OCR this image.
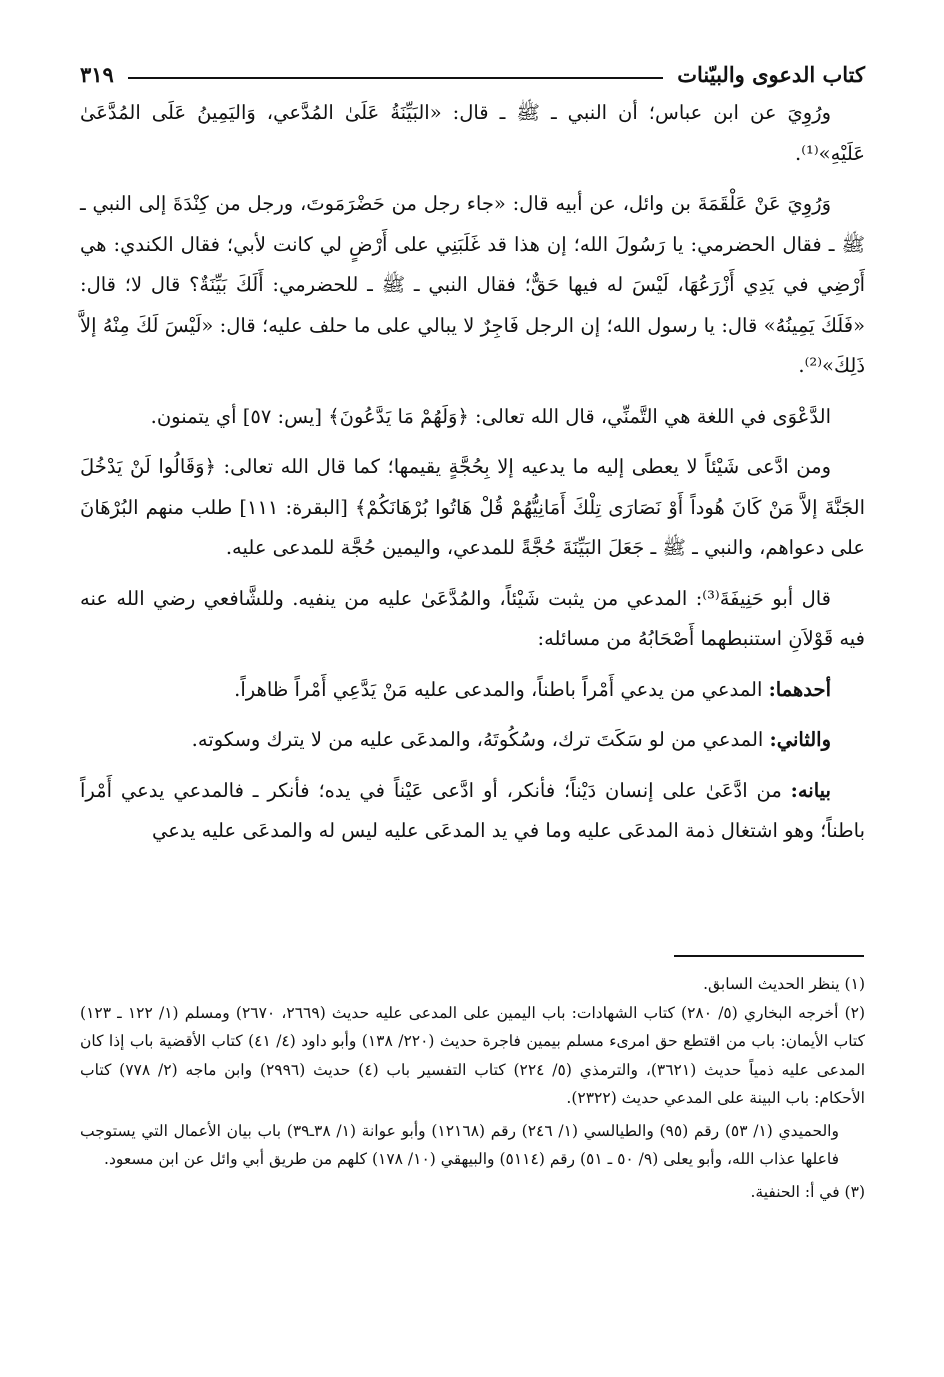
كتاب الدعوى والبيّنات
٣١٩

ورُوِيَ عن ابن عباس؛ أن النبي ـ ﷺ ـ قال: «البَيِّنَةُ عَلَىٰ المُدَّعي، وَاليَمِينُ عَلَى المُدَّعَىٰ عَلَيْهِ»⁽¹⁾.

وَرُوِيَ عَنْ عَلْقَمَةَ بن وائل، عن أبيه قال: «جاء رجل من حَضْرَمَوتَ، ورجل من كِنْدَةَ إلى النبي ـ ﷺ ـ فقال الحضرمي: يا رَسُولَ الله؛ إن هذا قد غَلَبَنِي على أَرْضٍ لي كانت لأبي؛ فقال الكندي: هي أَرْضِي في يَدِي أَزْرَعُهَا، لَيْسَ له فيها حَقٌّ؛ فقال النبي ـ ﷺ ـ للحضرمي: أَلَكَ بَيِّنَةٌ؟ قال لا؛ قال: «فَلَكَ يَمِينُهُ» قال: يا رسول الله؛ إن الرجل فَاجِرٌ لا يبالي على ما حلف عليه؛ قال: «لَيْسَ لَكَ مِنْهُ إلاَّ ذَلِكَ»⁽²⁾.

الدَّعْوَى في اللغة هي التَّمنِّي، قال الله تعالى: ﴿وَلَهُمْ مَا يَدَّعُونَ﴾ [يس: ٥٧] أي يتمنون.

ومن ادَّعى شَيْئاً لا يعطى إليه ما يدعيه إلا بِحُجَّةٍ يقيمها؛ كما قال الله تعالى: ﴿وَقَالُوا لَنْ يَدْخُلَ الجَنَّةَ إلاَّ مَنْ كَانَ هُوداً أَوْ نَصَارَى تِلْكَ أَمَانِيُّهُمْ قُلْ هَاتُوا بُرْهَانَكُمْ﴾ [البقرة: ١١١] طلب منهم البُرْهَانَ على دعواهم، والنبي ـ ﷺ ـ جَعَلَ البَيِّنَةَ حُجَّةً للمدعي، واليمين حُجَّة للمدعى عليه.

قال أبو حَنِيفَةَ⁽³⁾: المدعي من يثبت شَيْئاً، والمُدَّعَىٰ عليه من ينفيه. وللشَّافعي رضي الله عنه فيه قَوْلاَنِ استنبطهما أَصْحَابُهُ من مسائله:

أحدهما: المدعي من يدعي أَمْراً باطناً، والمدعى عليه مَنْ يَدَّعِي أَمْراً ظاهراً.

والثاني: المدعي من لو سَكَتَ ترك، وسُكُوتَهُ، والمدعَى عليه من لا يترك وسكوته.

بيانه: من ادَّعَىٰ على إنسان دَيْناً؛ فأنكر، أو ادَّعى عَيْناً في يده؛ فأنكر ـ فالمدعي يدعي أَمْراً باطناً؛ وهو اشتغال ذمة المدعَى عليه وما في يد المدعَى عليه ليس له والمدعَى عليه يدعي

(١) ينظر الحديث السابق.

(٢) أخرجه البخاري (٥/ ٢٨٠) كتاب الشهادات: باب اليمين على المدعى عليه حديث (٢٦٦٩، ٢٦٧٠) ومسلم (١/ ١٢٢ ـ ١٢٣) كتاب الأيمان: باب من اقتطع حق امرىء مسلم بيمين فاجرة حديث (٢٢٠/ ١٣٨) وأبو داود (٤/ ٤١) كتاب الأقضية باب إذا كان المدعى عليه ذمياً حديث (٣٦٢١)، والترمذي (٥/ ٢٢٤) كتاب التفسير باب (٤) حديث (٢٩٩٦) وابن ماجه (٢/ ٧٧٨) كتاب الأحكام: باب البينة على المدعي حديث (٢٣٢٢).

والحميدي (١/ ٥٣) رقم (٩٥) والطيالسي (١/ ٢٤٦) رقم (١٢١٦٨) وأبو عوانة (١/ ٣٨ـ٣٩) باب بيان الأعمال التي يستوجب فاعلها عذاب الله، وأبو يعلى (٩/ ٥٠ ـ ٥١) رقم (٥١١٤) والبيهقي (١٠/ ١٧٨) كلهم من طريق أبي وائل عن ابن مسعود.

(٣) في أ: الحنفية.
